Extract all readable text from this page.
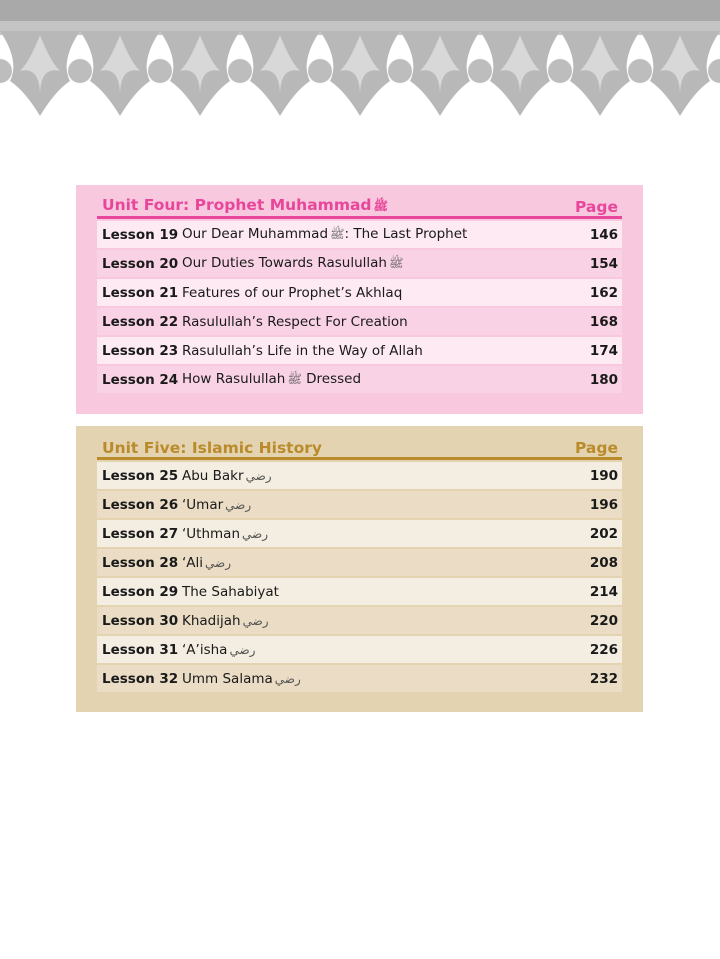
Unit Four: Prophet Muhammad ﷺ	Page
Lesson 19 Our Dear Muhammad ﷺ: The Last Prophet	146
Lesson 20 Our Duties Towards Rasulullah ﷺ	154
Lesson 21 Features of our Prophet’s Akhlaq	162
Lesson 22 Rasulullah’s Respect For Creation	168
Lesson 23 Rasulullah’s Life in the Way of Allah	174
Lesson 24 How Rasulullah ﷺ Dressed	180
Unit Five: Islamic History	Page
Lesson 25 Abu Bakr رضي	190
Lesson 26 ‘Umar رضي	196
Lesson 27 ‘Uthman رضي	202
Lesson 28 ‘Ali رضي	208
Lesson 29 The Sahabiyat	214
Lesson 30 Khadijah رضي	220
Lesson 31 ‘A’isha رضي	226
Lesson 32 Umm Salama رضي	232
